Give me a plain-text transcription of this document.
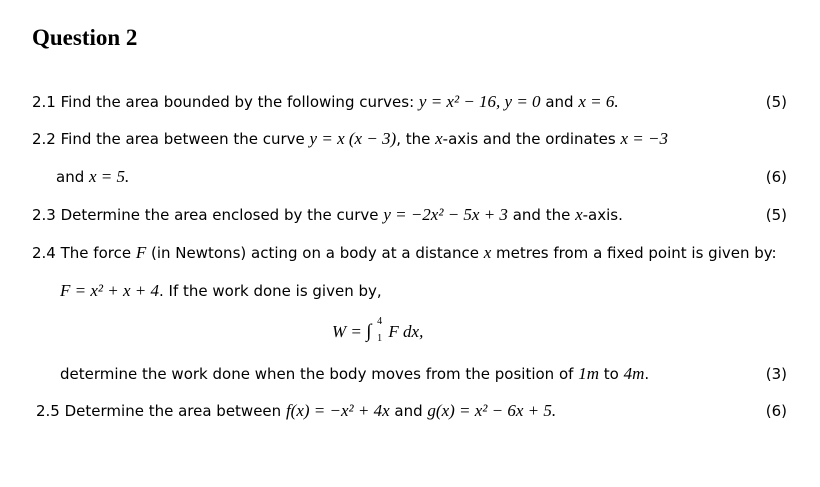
Question 2
2.1 Find the area bounded by the following curves: y = x² − 16, y = 0 and x = 6.	(5)
2.2 Find the area between the curve y = x (x − 3), the x-axis and the ordinates x = −3
and x = 5.	(6)
2.3 Determine the area enclosed by the curve y = −2x² − 5x + 3 and the x-axis.	(5)
2.4 The force F (in Newtons) acting on a body at a distance x metres from a fixed point is given by:
F = x² + x + 4. If the work done is given by,
W = ∫ 4
1 F dx,
determine the work done when the body moves from the position of 1m to 4m.	(3)
2.5 Determine the area between f(x) = −x² + 4x and g(x) = x² − 6x + 5.	(6)
